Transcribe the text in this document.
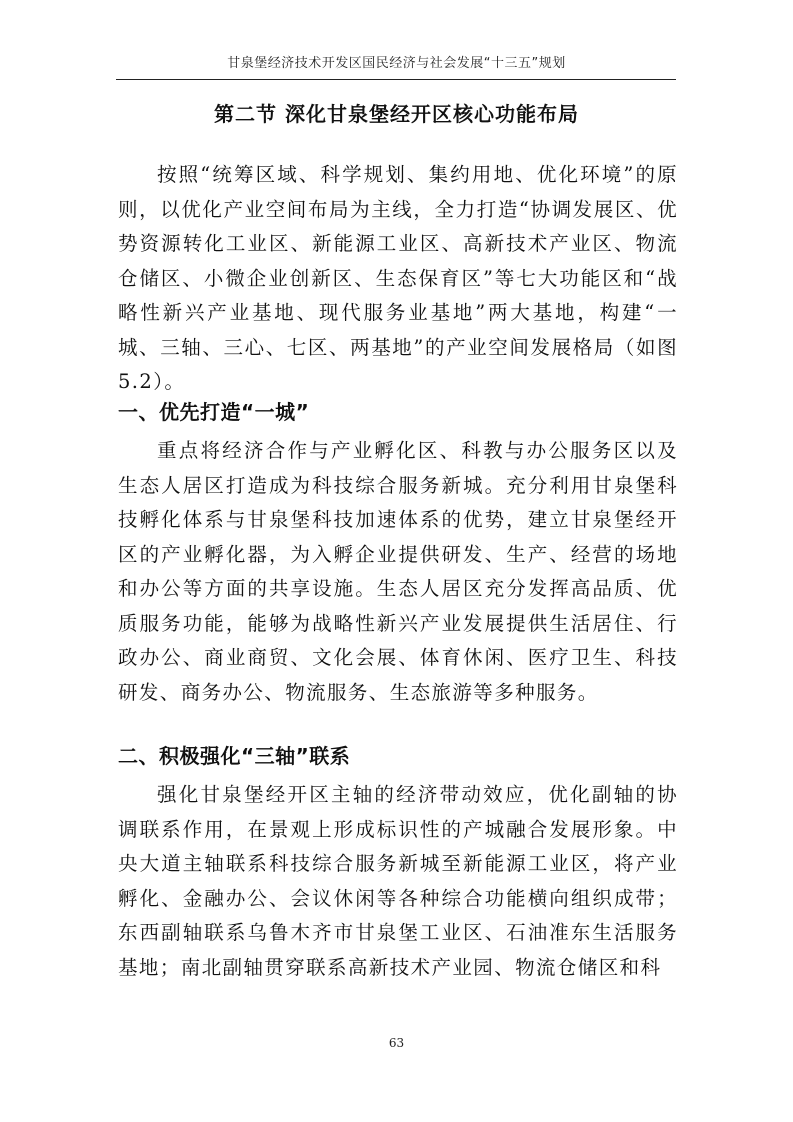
甘泉堡经济技术开发区国民经济与社会发展“十三五”规划
第二节 深化甘泉堡经开区核心功能布局

按照“统筹区域、科学规划、集约用地、优化环境”的原则，以优化产业空间布局为主线，全力打造“协调发展区、优势资源转化工业区、新能源工业区、高新技术产业区、物流仓储区、小微企业创新区、生态保育区”等七大功能区和“战略性新兴产业基地、现代服务业基地”两大基地，构建“一城、三轴、三心、七区、两基地”的产业空间发展格局（如图 5.2）。

一、优先打造“一城”

重点将经济合作与产业孵化区、科教与办公服务区以及生态人居区打造成为科技综合服务新城。充分利用甘泉堡科技孵化体系与甘泉堡科技加速体系的优势，建立甘泉堡经开区的产业孵化器，为入孵企业提供研发、生产、经营的场地和办公等方面的共享设施。生态人居区充分发挥高品质、优质服务功能，能够为战略性新兴产业发展提供生活居住、行政办公、商业商贸、文化会展、体育休闲、医疗卫生、科技研发、商务办公、物流服务、生态旅游等多种服务。

二、积极强化“三轴”联系

强化甘泉堡经开区主轴的经济带动效应，优化副轴的协调联系作用，在景观上形成标识性的产城融合发展形象。中央大道主轴联系科技综合服务新城至新能源工业区，将产业孵化、金融办公、会议休闲等各种综合功能横向组织成带；东西副轴联系乌鲁木齐市甘泉堡工业区、石油准东生活服务基地；南北副轴贯穿联系高新技术产业园、物流仓储区和科

63
